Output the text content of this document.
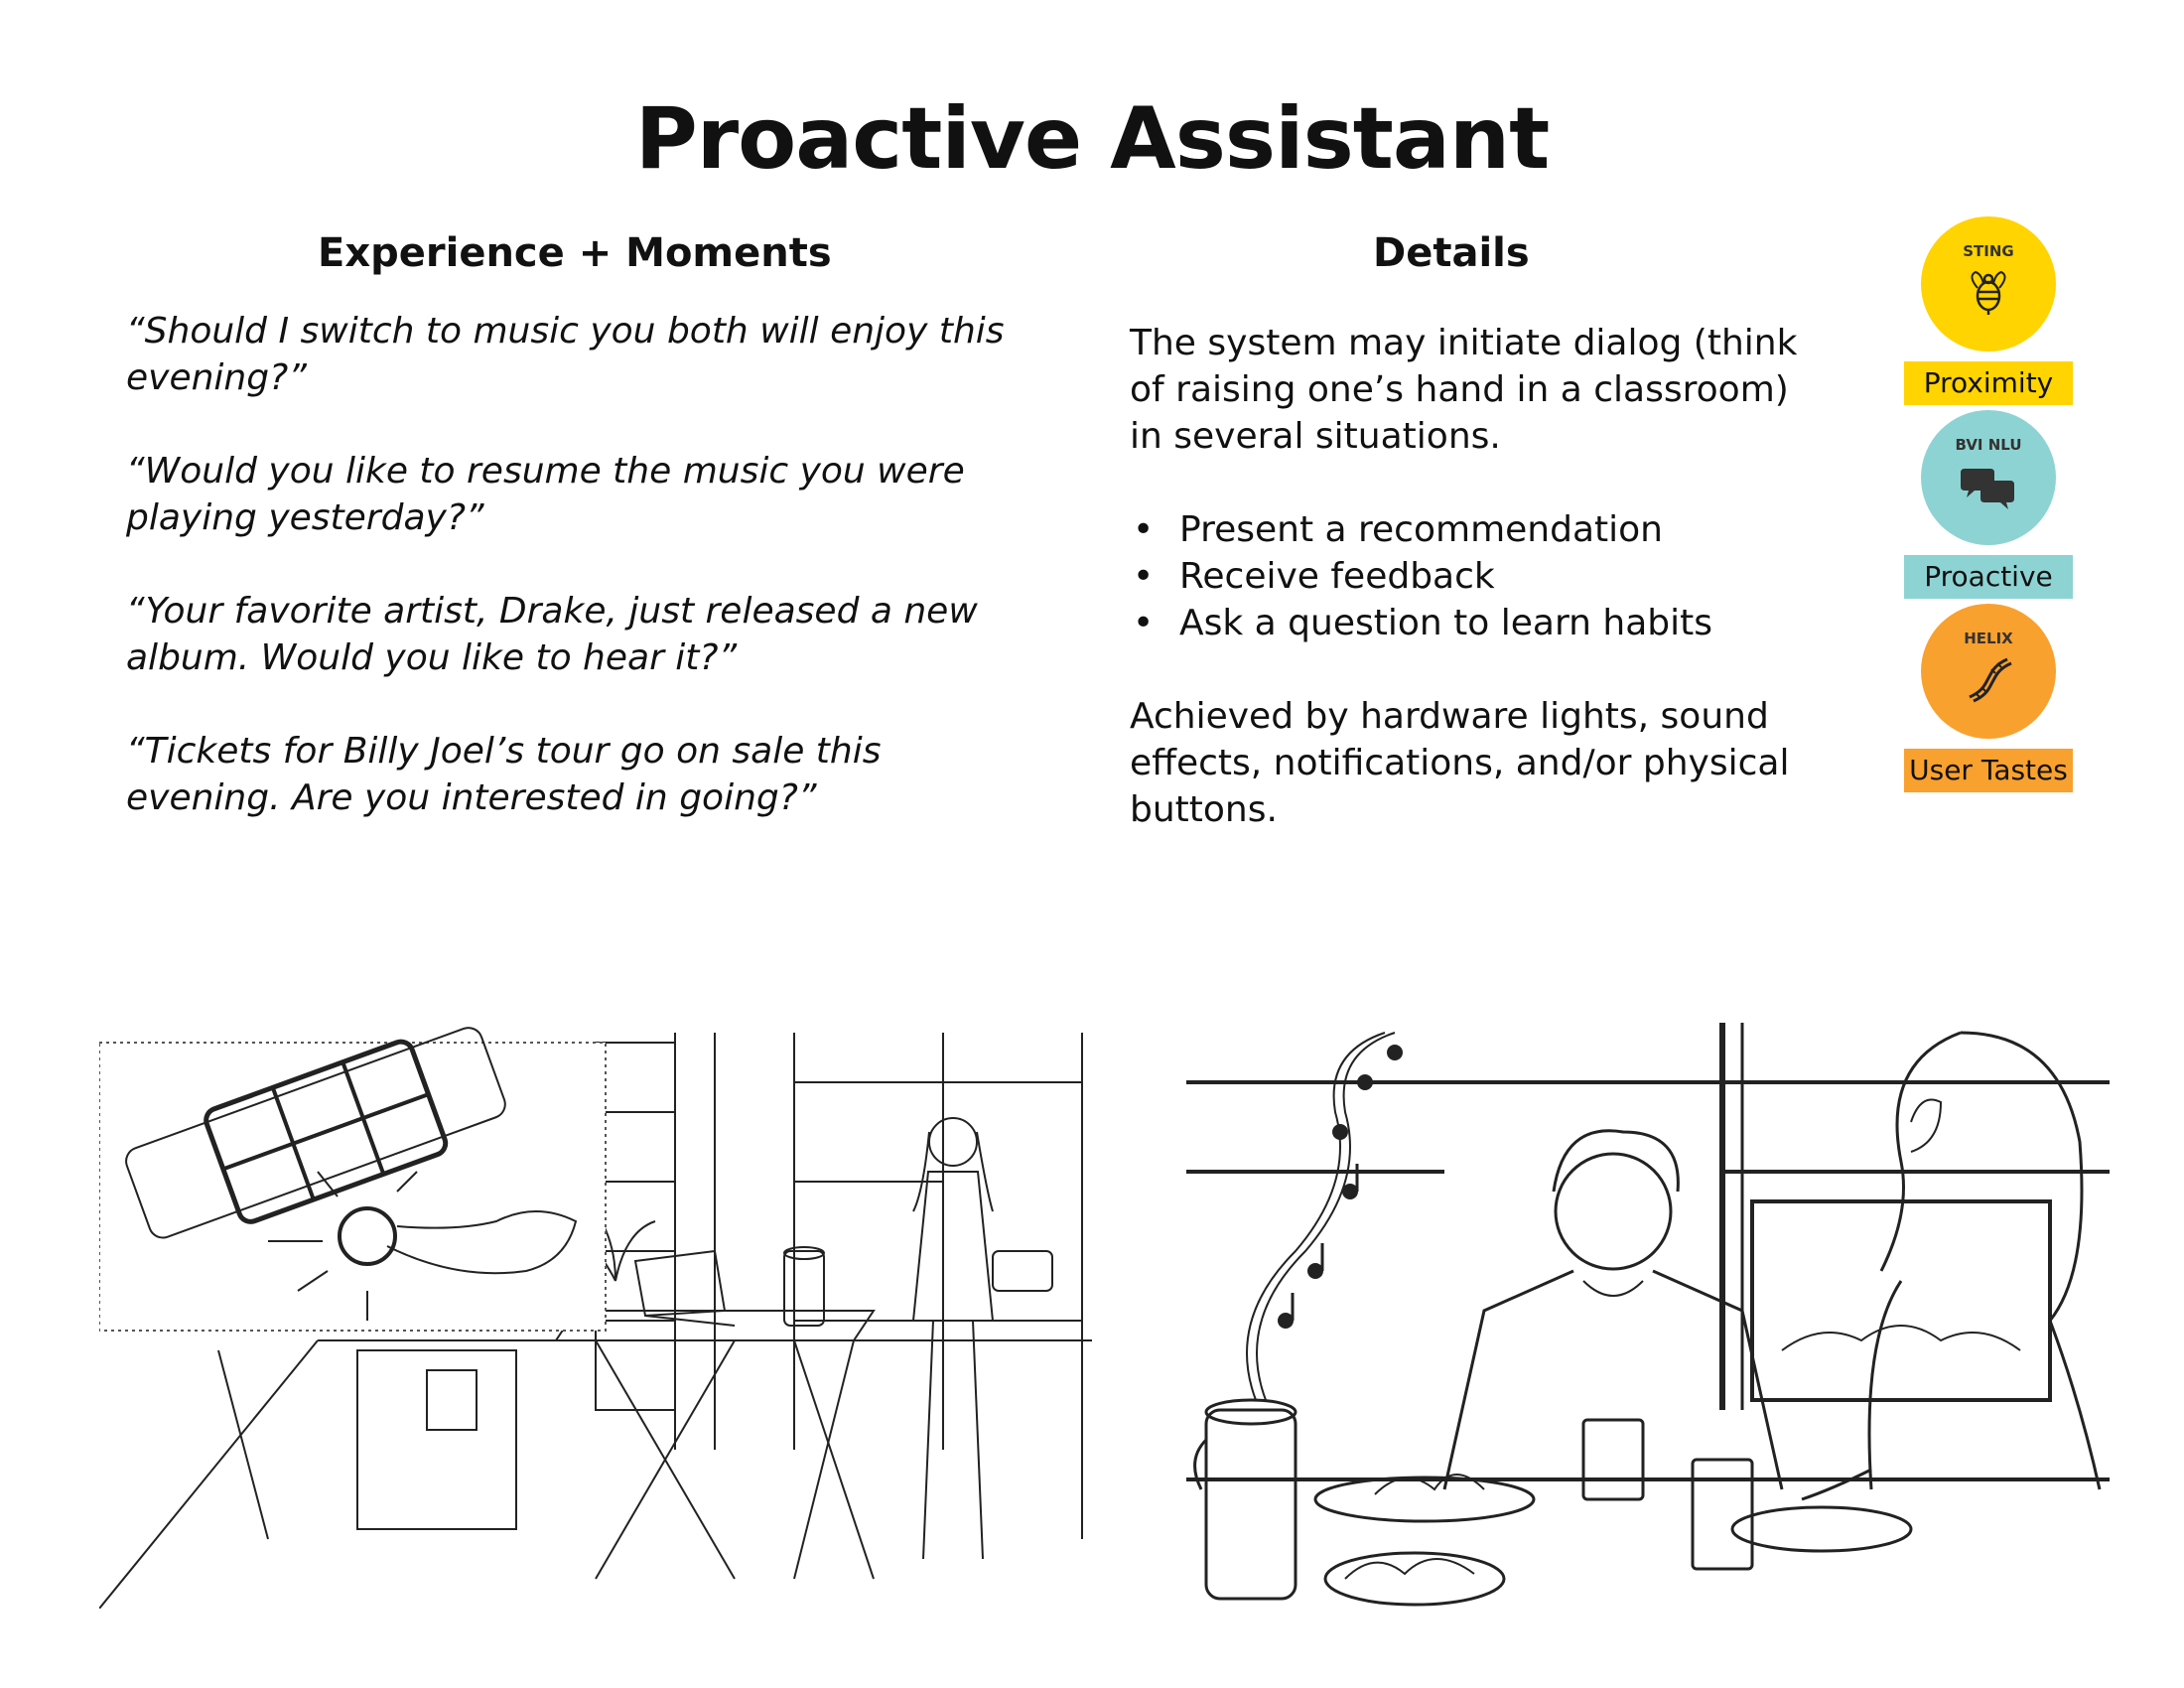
Proactive Assistant
Experience + Moments	Details

“Should I switch to music you both will enjoy this evening?”

“Would you like to resume the music you were playing yesterday?”

“Your favorite artist, Drake, just released a new album. Would you like to hear it?”

“Tickets for Billy Joel’s tour go on sale this evening. Are you interested in going?”

The system may initiate dialog (think of raising one’s hand in a classroom) in several situations.

• Present a recommendation
• Receive feedback
• Ask a question to learn habits

Achieved by hardware lights, sound effects, notifications, and/or physical buttons.

STING
Proximity
BVI NLU
Proactive
HELIX
User Tastes
